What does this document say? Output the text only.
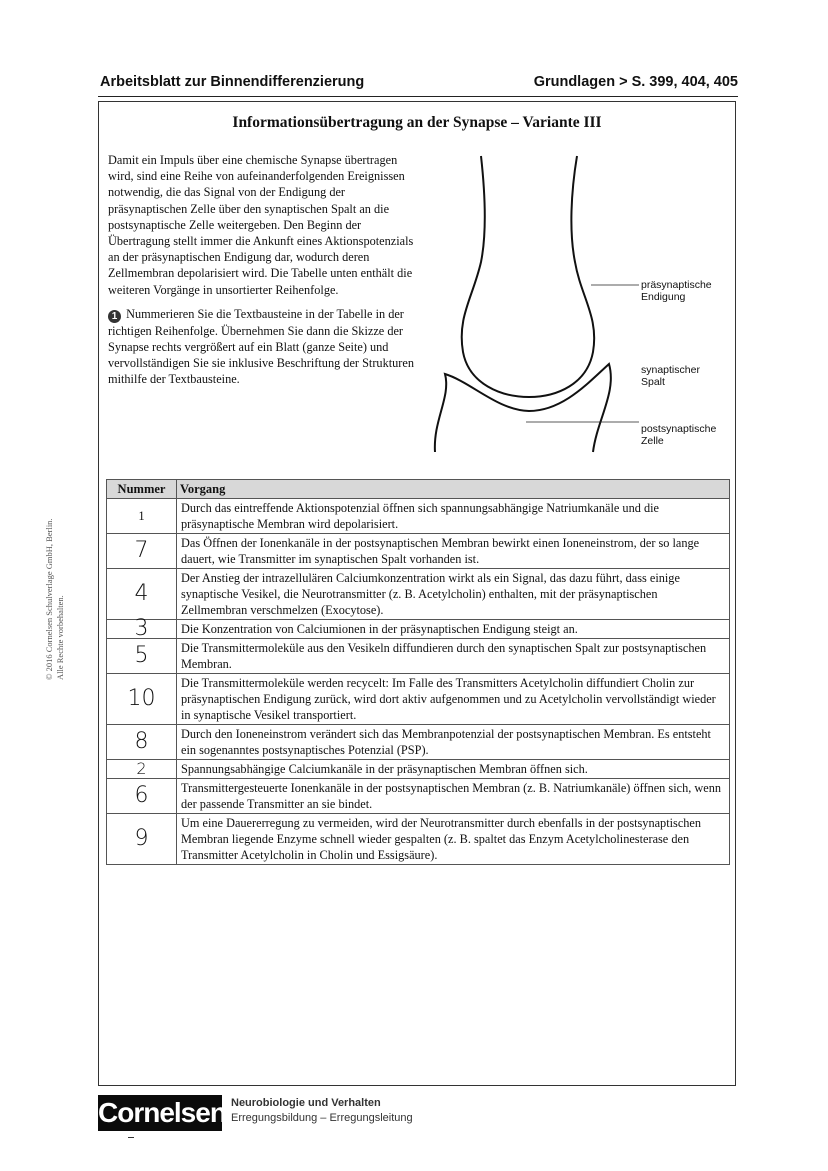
Arbeitsblatt zur Binnendifferenzierung	Grundlagen > S. 399, 404, 405
© 2016 Cornelsen Schulverlage GmbH, Berlin. Alle Rechte vorbehalten.
Informationsübertragung an der Synapse – Variante III

Damit ein Impuls über eine chemische Synapse übertragen wird, sind eine Reihe von aufeinanderfolgenden Ereignissen notwendig, die das Signal von der Endigung der präsynaptischen Zelle über den synaptischen Spalt an die postsynaptische Zelle weitergeben. Den Beginn der Übertragung stellt immer die Ankunft eines Aktionspotenzials an der präsynaptischen Endigung dar, wodurch deren Zellmembran depolarisiert wird. Die Tabelle unten enthält die weiteren Vorgänge in unsortierter Reihenfolge.

1 Nummerieren Sie die Textbausteine in der Tabelle in der richtigen Reihenfolge. Übernehmen Sie dann die Skizze der Synapse rechts vergrößert auf ein Blatt (ganze Seite) und vervollständigen Sie sie inklusive Beschriftung der Strukturen mithilfe der Textbausteine.

präsynaptische
Endigung
synaptischer
Spalt
postsynaptische
Zelle
Nummer	Vorgang
1	Durch das eintreffende Aktionspotenzial öffnen sich spannungsabhängige Natriumkanäle und die präsynaptische Membran wird depolarisiert.
7	Das Öffnen der Ionenkanäle in der postsynaptischen Membran bewirkt einen Ioneneinstrom, der so lange dauert, wie Transmitter im synaptischen Spalt vorhanden ist.
4	Der Anstieg der intrazellulären Calciumkonzentration wirkt als ein Signal, das dazu führt, dass einige synaptische Vesikel, die Neurotransmitter (z. B. Acetylcholin) enthalten, mit der präsynaptischen Zellmembran verschmelzen (Exocytose).
3	Die Konzentration von Calciumionen in der präsynaptischen Endigung steigt an.
5	Die Transmittermoleküle aus den Vesikeln diffundieren durch den synaptischen Spalt zur postsynaptischen Membran.
10	Die Transmittermoleküle werden recycelt: Im Falle des Transmitters Acetylcholin diffundiert Cholin zur präsynaptischen Endigung zurück, wird dort aktiv aufgenommen und zu Acetylcholin vervollständigt wieder in synaptische Vesikel transportiert.
8	Durch den Ioneneinstrom verändert sich das Membranpotenzial der postsynaptischen Membran. Es entsteht ein sogenanntes postsynaptisches Potenzial (PSP).
2	Spannungsabhängige Calciumkanäle in der präsynaptischen Membran öffnen sich.
6	Transmittergesteuerte Ionenkanäle in der postsynaptischen Membran (z. B. Natriumkanäle) öffnen sich, wenn der passende Transmitter an sie bindet.
9	Um eine Dauererregung zu vermeiden, wird der Neurotransmitter durch ebenfalls in der postsynaptischen Membran liegende Enzyme schnell wieder gespalten (z. B. spaltet das Enzym Acetylcholinesterase den Transmitter Acetylcholin in Cholin und Essigsäure).
Cornelsen Neurobiologie und Verhalten
Erregungsbildung – Erregungsleitung
